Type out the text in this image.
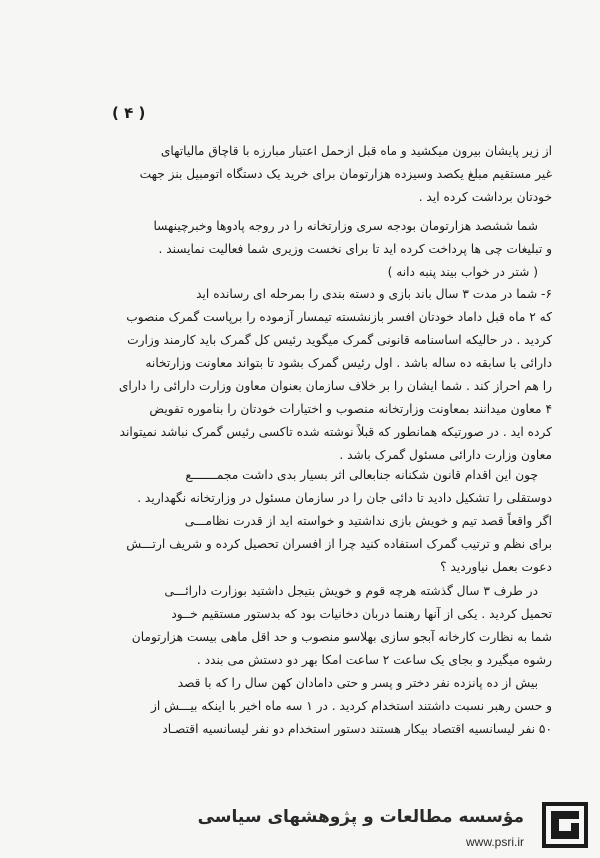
( ۴ )
از زیر پایشان بیرون میکشید و ماه قبل ازحمل اعتبار مبارزه با قاچاق مالیاتهای
غیر مستقیم مبلغ یکصد وسیزده هزارتومان برای خرید یک دستگاه اتومبیل بنز جهت
خودتان برداشت کرده اید .
شما ششصد هزارتومان بودجه سری وزارتخانه را در روجه پادوها وخبرچینهسا
و تبلیغات چی ها پرداخت کرده اید تا برای نخست وزیری شما فعالیت نمایسند .
( شتر در خواب بیند پنبه دانه )
۶- شما در مدت ۳ سال باند بازی و دسته بندی را بمرحله ای رسانده اید
که ۲ ماه قبل داماد خودتان افسر بازنشسته تیمسار آزموده را برپاست گمرک منصوب
کردید . در حالیکه اساسنامه قانونی گمرک میگوید رئیس کل گمرک باید کارمند وزارت
دارائی با سابقه ده ساله باشد . اول رئیس گمرک بشود تا بتواند معاونت وزارتخانه
را هم احراز کند . شما ایشان را بر خلاف سازمان بعنوان معاون وزارت دارائی را دارای
۴ معاون میدانند بمعاونت وزارتخانه منصوب و اختیارات خودتان را بناموره تفویض
کرده اید . در صورتیکه همانطور که قبلاً نوشته شده تاکسی رئیس گمرک نباشد نمیتواند
معاون وزارت دارائی مسئول گمرک باشد .
چون این اقدام قانون شکنانه جنابعالی اثر بسیار بدی داشت مجمـــــــع
دوستقلی را تشکیل دادید تا دائی جان را در سازمان مسئول در وزارتخانه نگهدارید .
اگر واقعاً قصد تیم و خویش بازی نداشتید و خواسته اید از قدرت نظامـــی
برای نظم و ترتیب گمرک استفاده کنید چرا از افسران تحصیل کرده و شریف ارتـــش
دعوت بعمل نیاوردید ؟
در طرف ۳ سال گذشته هرچه قوم و خویش بتیجل داشتید بوزارت دارائـــی
تحمیل کردید . یکی از آنها رهنما دربان دخانیات بود که بدستور مستقیم خــود
شما به نظارت کارخانه آبجو سازی بهلاسو منصوب و حد اقل ماهی بیست هزارتومان
رشوه میگیرد و بجای یک ساعت ۲ ساعت امکا بهر دو دستش می بندد .
بیش از ده پانزده نفر دختر و پسر و حتی دامادان کهن سال را که با قصد
و حسن رهبر نسبت داشتند استخدام کردید . در ۱ سه ماه اخیر با اینکه بیـــش از
۵۰ نفر لیسانسیه اقتصاد بیکار هستند دستور استخدام دو نفر لیسانسیه اقتصـاد
مؤسسه مطالعات و پژوهشهای سیاسی
www.psri.ir
